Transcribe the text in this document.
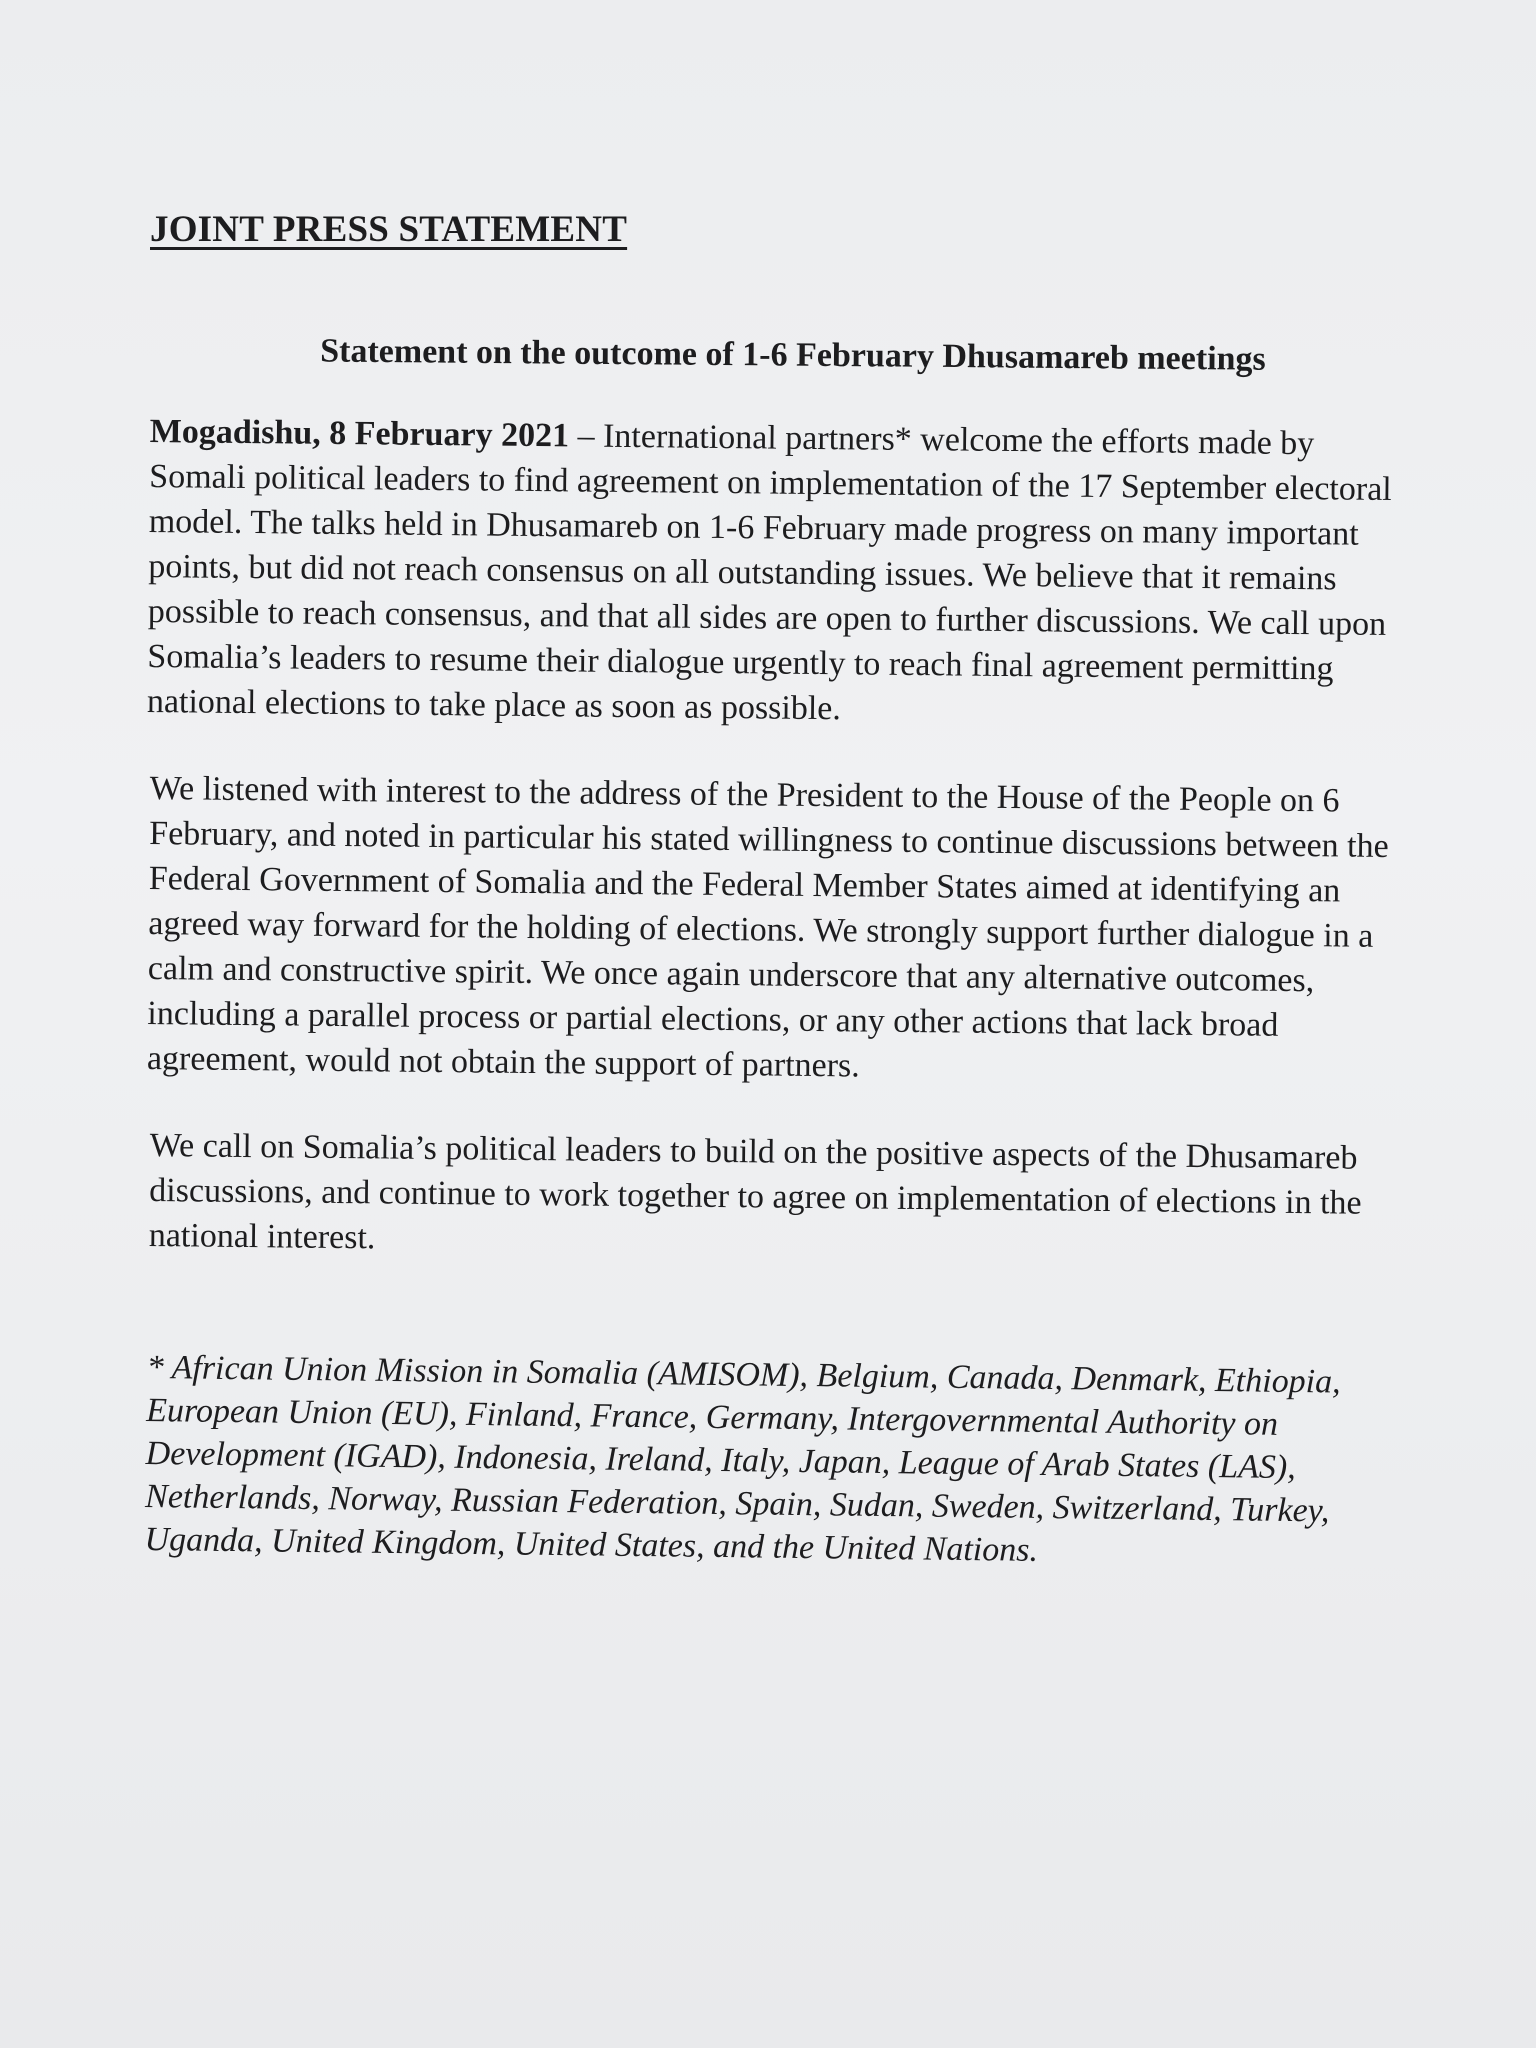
JOINT PRESS STATEMENT
Statement on the outcome of 1-6 February Dhusamareb meetings

Mogadishu, 8 February 2021 – International partners* welcome the efforts made by Somali political leaders to find agreement on implementation of the 17 September electoral model. The talks held in Dhusamareb on 1-6 February made progress on many important points, but did not reach consensus on all outstanding issues. We believe that it remains possible to reach consensus, and that all sides are open to further discussions. We call upon Somalia’s leaders to resume their dialogue urgently to reach final agreement permitting national elections to take place as soon as possible.

We listened with interest to the address of the President to the House of the People on 6 February, and noted in particular his stated willingness to continue discussions between the Federal Government of Somalia and the Federal Member States aimed at identifying an agreed way forward for the holding of elections. We strongly support further dialogue in a calm and constructive spirit. We once again underscore that any alternative outcomes, including a parallel process or partial elections, or any other actions that lack broad agreement, would not obtain the support of partners.

We call on Somalia’s political leaders to build on the positive aspects of the Dhusamareb discussions, and continue to work together to agree on implementation of elections in the national interest.

* African Union Mission in Somalia (AMISOM), Belgium, Canada, Denmark, Ethiopia, European Union (EU), Finland, France, Germany, Intergovernmental Authority on Development (IGAD), Indonesia, Ireland, Italy, Japan, League of Arab States (LAS), Netherlands, Norway, Russian Federation, Spain, Sudan, Sweden, Switzerland, Turkey, Uganda, United Kingdom, United States, and the United Nations.
